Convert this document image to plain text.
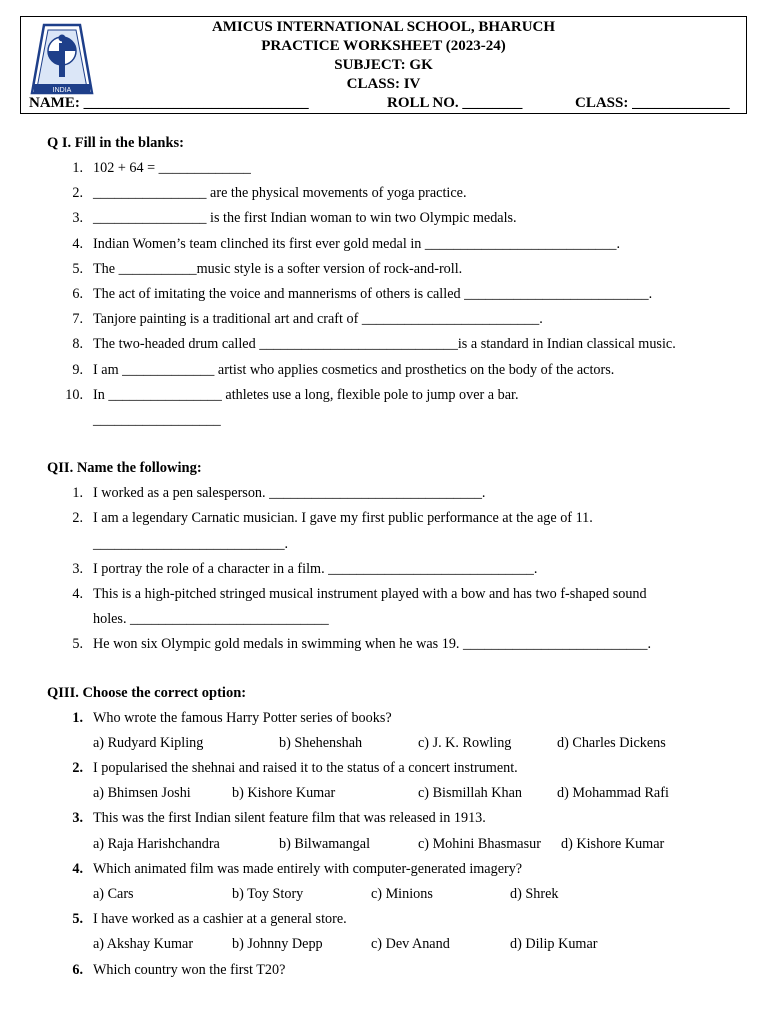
INDIA
AMICUS INTERNATIONAL SCHOOL, BHARUCH
PRACTICE WORKSHEET (2023-24)
SUBJECT: GK
CLASS: IV
NAME: ______________________________	ROLL NO. ________	CLASS: _____________
Q I. Fill in the blanks:
1. 102 + 64 = _____________
2. ________________ are the physical movements of yoga practice.
3. ________________ is the first Indian woman to win two Olympic medals.
4. Indian Women’s team clinched its first ever gold medal in ___________________________.
5. The ___________music style is a softer version of rock-and-roll.
6. The act of imitating the voice and mannerisms of others is called __________________________.
7. Tanjore painting is a traditional art and craft of _________________________.
8. The two-headed drum called ____________________________is a standard in Indian classical music.
9. I am _____________ artist who applies cosmetics and prosthetics on the body of the actors.
10. In ________________ athletes use a long, flexible pole to jump over a bar.
__________________
QII. Name the following:
1. I worked as a pen salesperson. ______________________________.
2. I am a legendary Carnatic musician. I gave my first public performance at the age of 11.
___________________________.
3. I portray the role of a character in a film. _____________________________.
4. This is a high-pitched stringed musical instrument played with a bow and has two f-shaped sound
holes. ____________________________
5. He won six Olympic gold medals in swimming when he was 19. __________________________.
QIII. Choose the correct option:
1. Who wrote the famous Harry Potter series of books?
a) Rudyard Kipling	b) Shehenshah	c) J. K. Rowling	d) Charles Dickens
2. I popularised the shehnai and raised it to the status of a concert instrument.
a) Bhimsen Joshi	b) Kishore Kumar	c) Bismillah Khan d) Mohammad Rafi
3. This was the first Indian silent feature film that was released in 1913.
a) Raja Harishchandra	b) Bilwamangal	c) Mohini Bhasmasur d) Kishore Kumar
4. Which animated film was made entirely with computer-generated imagery?
a) Cars	b) Toy Story	c) Minions	d) Shrek
5. I have worked as a cashier at a general store.
a) Akshay Kumar	b) Johnny Depp	c) Dev Anand	d) Dilip Kumar
6. Which country won the first T20?
